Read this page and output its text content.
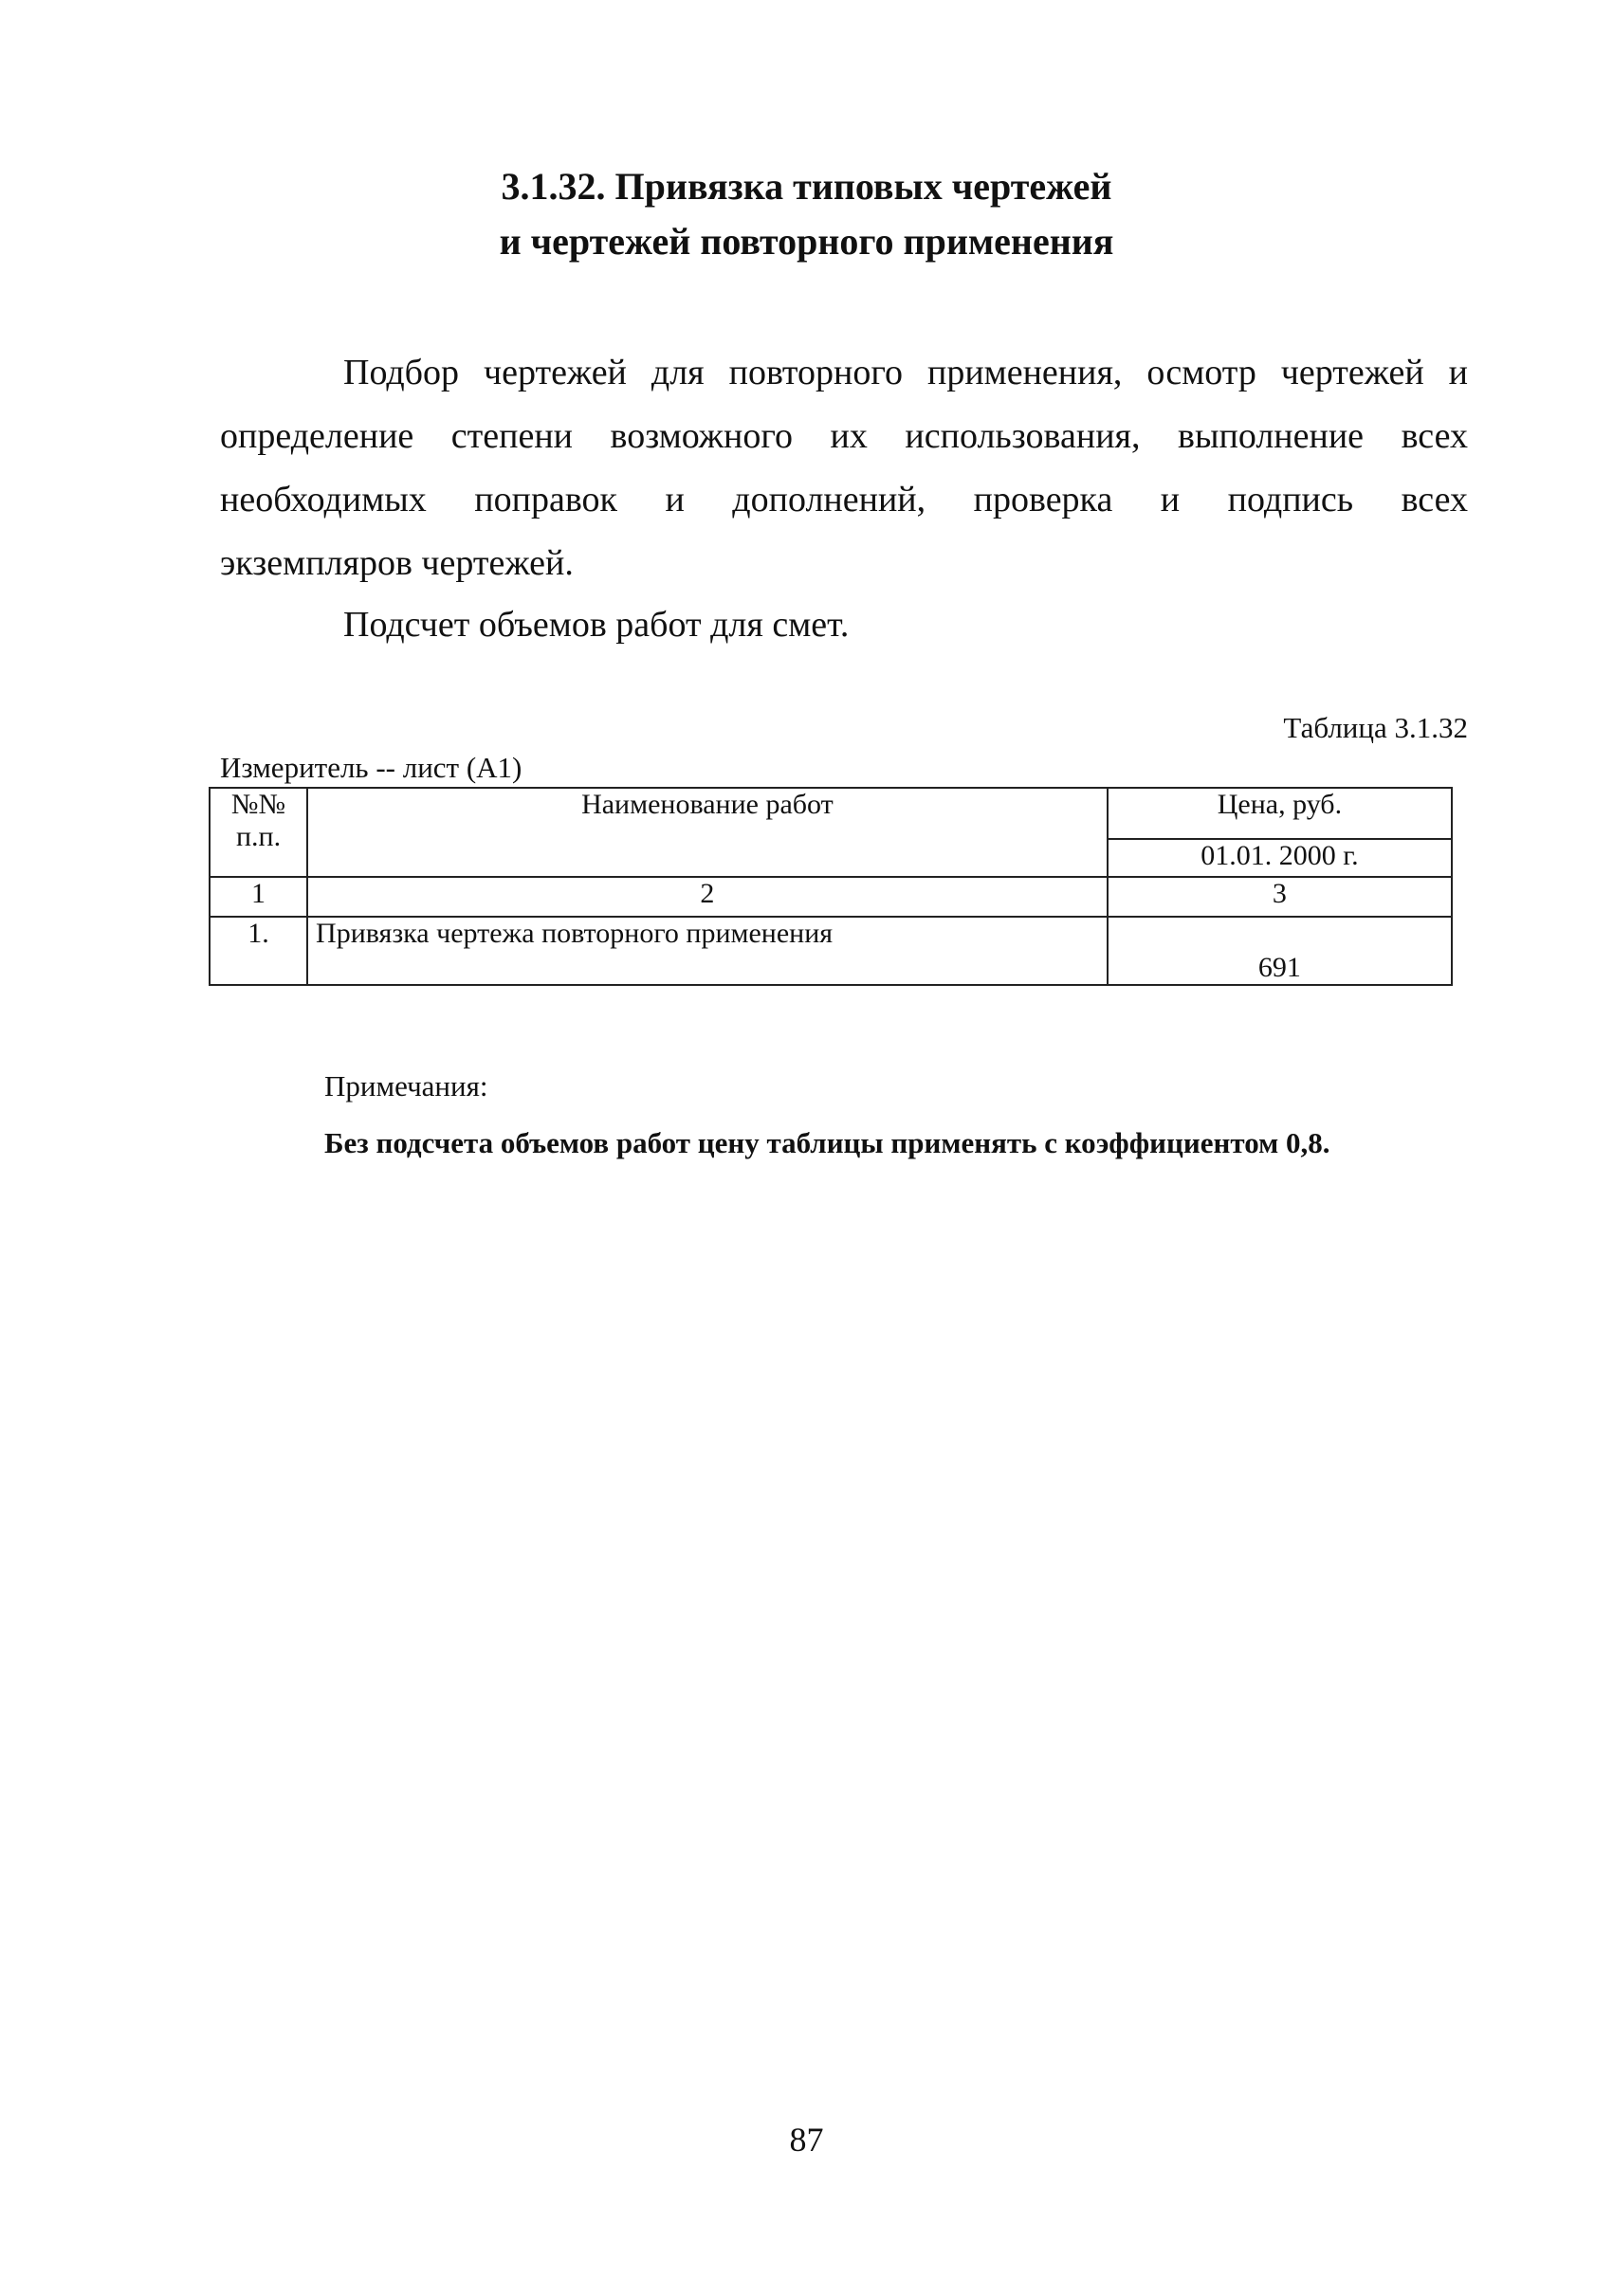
3.1.32. Привязка типовых чертежей
и чертежей повторного применения

Подбор чертежей для повторного применения, осмотр чертежей и

определение степени возможного их использования, выполнение всех

необходимых поправок и дополнений, проверка и подпись всех

экземпляров чертежей.

Подсчет объемов работ для смет.
Таблица 3.1.32
Измеритель -- лист (А1)
№№
п.п.	Наименование работ	Цена, руб.
		01.01. 2000 г.
1	2	3
1.	Привязка чертежа повторного применения	691
Примечания:
Без подсчета объемов работ цену таблицы применять с коэффициентом 0,8.
87
